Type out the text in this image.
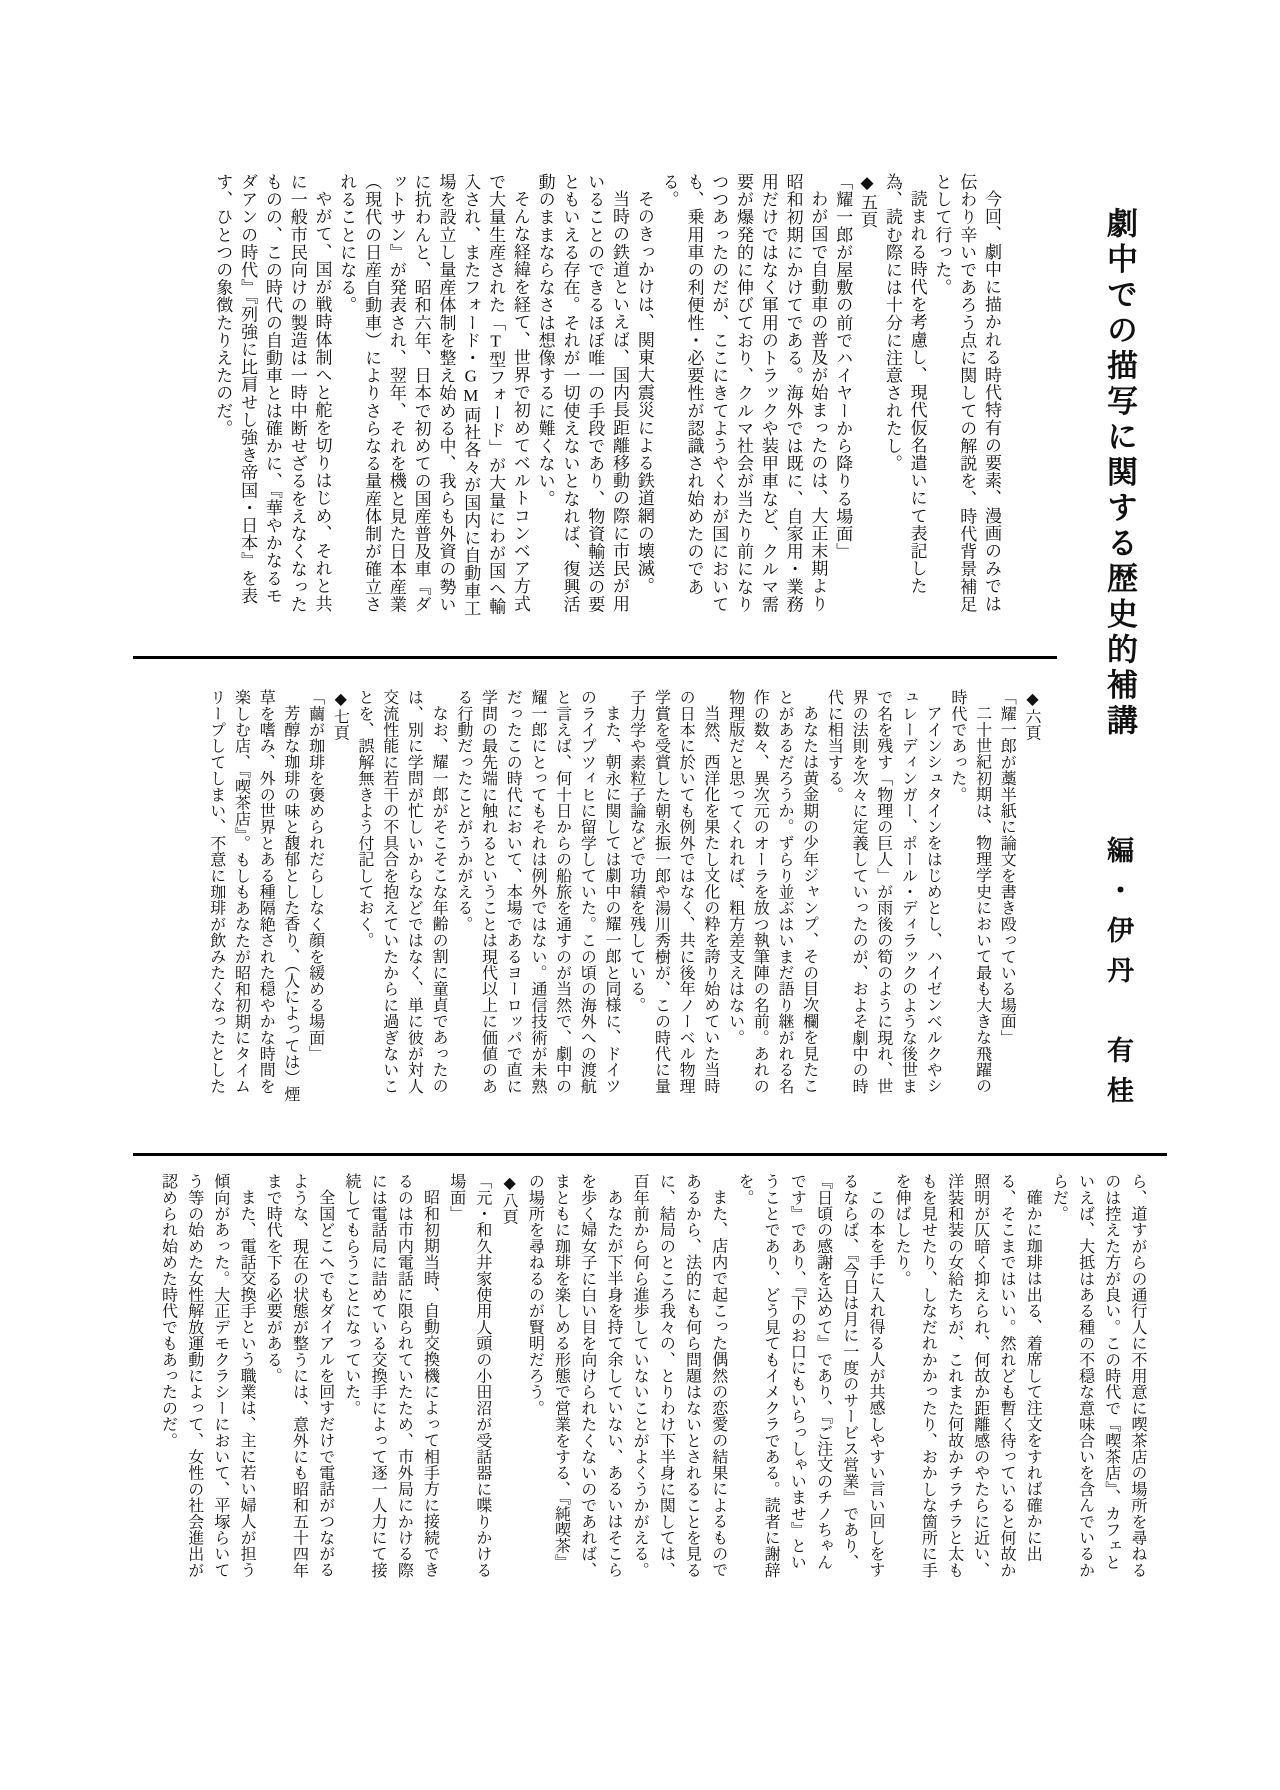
劇中での描写に関する歴史的補講
編・伊丹　有桂

今回、劇中に描かれる時代特有の要素、漫画のみでは伝わり辛いであろう点に関しての解説を、時代背景補足として行った。

読まれる時代を考慮し、現代仮名遣いにて表記した為、読む際には十分に注意されたし。

◆五頁
「耀一郎が屋敷の前でハイヤーから降りる場面」

わが国で自動車の普及が始まったのは、大正末期より昭和初期にかけてである。海外では既に、自家用・業務用だけではなく軍用のトラックや装甲車など、クルマ需要が爆発的に伸びており、クルマ社会が当たり前になりつつあったのだが、ここにきてようやくわが国においても、乗用車の利便性・必要性が認識され始めたのである。

そのきっかけは、関東大震災による鉄道網の壊滅。

当時の鉄道といえば、国内長距離移動の際に市民が用いることのできるほぼ唯一の手段であり、物資輸送の要ともいえる存在。それが一切使えないとなれば、復興活動のままならなさは想像するに難くない。

そんな経緯を経て、世界で初めてベルトコンベア方式で大量生産された「T型フォード」が大量にわが国へ輸入され、またフォード・GM両社各々が国内に自動車工場を設立し量産体制を整え始める中、我らも外資の勢いに抗わんと、昭和六年、日本で初めての国産普及車『ダットサン』が発表され、翌年、それを機と見た日本産業（現代の日産自動車）によりさらなる量産体制が確立されることになる。

やがて、国が戦時体制へと舵を切りはじめ、それと共に一般市民向けの製造は一時中断せざるをえなくなったものの、この時代の自動車とは確かに、『華やかなるモダアンの時代』『列強に比肩せし強き帝国・日本』を表す、ひとつの象徴たりえたのだ。

◆六頁
「耀一郎が藁半紙に論文を書き殴っている場面」

二十世紀初期は、物理学史において最も大きな飛躍の時代であった。

アインシュタインをはじめとし、ハイゼンベルクやシュレーディンガー、ポール・ディラックのような後世まで名を残す「物理の巨人」が雨後の筍のように現れ、世界の法則を次々に定義していったのが、およそ劇中の時代に相当する。

あなたは黄金期の少年ジャンプ、その目次欄を見たことがあるだろうか。ずらり並ぶはいまだ語り継がれる名作の数々、異次元のオーラを放つ執筆陣の名前。あれの物理版だと思ってくれれば、粗方差支えはない。

当然、西洋化を果たし文化の粋を誇り始めていた当時の日本に於いても例外ではなく、共に後年ノーベル物理学賞を受賞した朝永振一郎や湯川秀樹が、この時代に量子力学や素粒子論などで功績を残している。

また、朝永に関しては劇中の耀一郎と同様に、ドイツのライプツィヒに留学していた。この頃の海外への渡航と言えば、何十日からの船旅を通すのが当然で、劇中の耀一郎にとってもそれは例外ではない。通信技術が未熟だったこの時代において、本場であるヨーロッパで直に学問の最先端に触れるということは現代以上に価値のある行動だったことがうかがえる。

なお、耀一郎がそこそこな年齢の割に童貞であったのは、別に学問が忙しいからなどではなく、単に彼が対人交流性能に若干の不具合を抱えていたからに過ぎないことを、誤解無きよう付記しておく。

◆七頁
「繭が珈琲を褒められだらしなく顔を緩める場面」

芳醇な珈琲の味と馥郁とした香り、（人によっては）煙草を嗜み、外の世界とある種隔絶された穏やかな時間を楽しむ店、『喫茶店』。もしもあなたが昭和初期にタイムリープしてしまい、不意に珈琲が飲みたくなったとした

ら、道すがらの通行人に不用意に喫茶店の場所を尋ねるのは控えた方が良い。この時代で『喫茶店』、カフェといえば、大抵はある種の不穏な意味合いを含んでいるからだ。

確かに珈琲は出る、着席して注文をすれば確かに出る、そこまではいい。然れども暫く待っていると何故か照明が仄暗く抑えられ、何故か距離感のやたらに近い、洋装和装の女給たちが、これまた何故かチラチラと太ももを見せたり、しなだれかかったり、おかしな箇所に手を伸ばしたり。

この本を手に入れ得る人が共感しやすい言い回しをするならば、『今日は月に一度のサービス営業』であり、『日頃の感謝を込めて』であり、『ご注文のチノちゃんです』であり、『下のお口にもいらっしゃいませ』ということであり、どう見てもイメクラである。読者に謝辞を。

また、店内で起こった偶然の恋愛の結果によるものであるから、法的にも何ら問題はないとされることを見るに、結局のところ我々の、とりわけ下半身に関しては、百年前から何ら進歩していないことがよくうかがえる。

あなたが下半身を持て余していない、あるいはそこらを歩く婦女子に白い目を向けられたくないのであれば、まともに珈琲を楽しめる形態で営業をする、『純喫茶』の場所を尋ねるのが賢明だろう。

◆八頁
「元・和久井家使用人頭の小田沼が受話器に喋りかける場面」

昭和初期当時、自動交換機によって相手方に接続できるのは市内電話に限られていたため、市外局にかける際には電話局に詰めている交換手によって逐一人力にて接続してもらうことになっていた。

全国どこへでもダイアルを回すだけで電話がつながるような、現在の状態が整うには、意外にも昭和五十四年まで時代を下る必要がある。

また、電話交換手という職業は、主に若い婦人が担う傾向があった。大正デモクラシーにおいて、平塚らいてう等の始めた女性解放運動によって、女性の社会進出が認められ始めた時代でもあったのだ。
